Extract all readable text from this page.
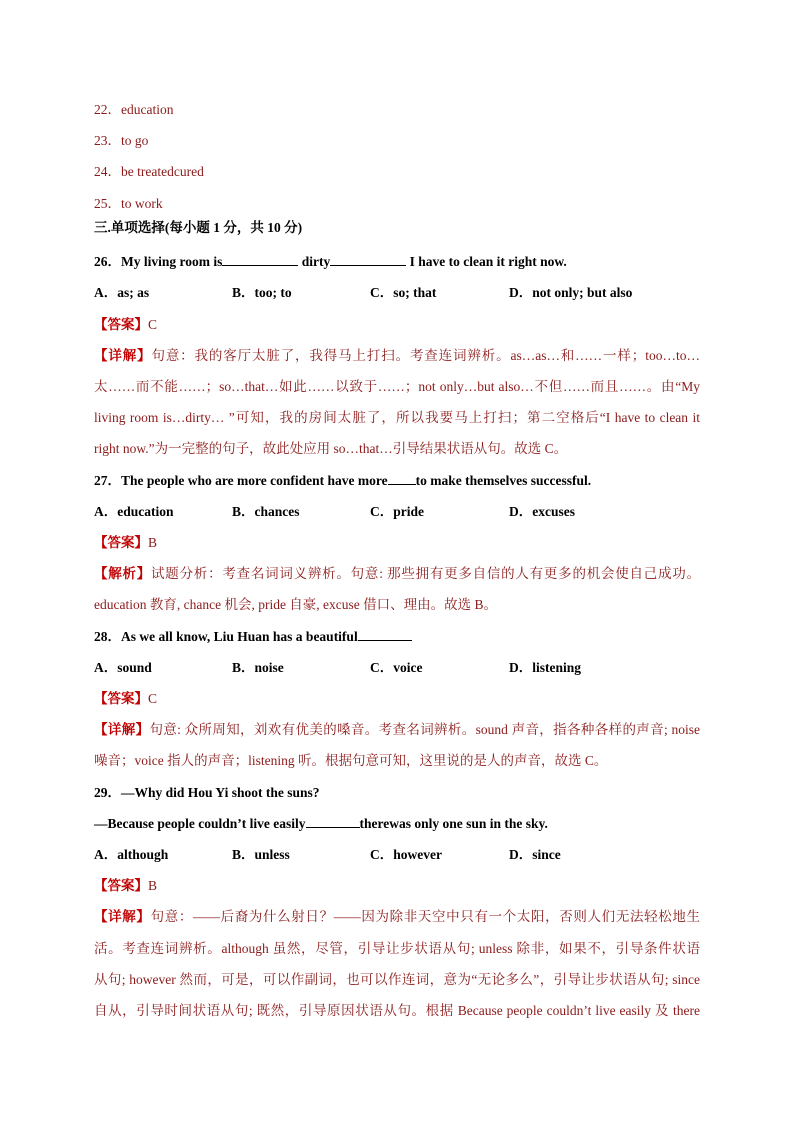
22．education
23．to go
24．be treatedcured
25．to work
三.单项选择(每小题 1 分，共 10 分)
26．My living room is	dirty	I have to clean it right now.
A．as; as	B．too; to	C．so; that	D．not only; but also
【答案】C
【详解】句意：我的客厅太脏了，我得马上打扫。考查连词辨析。as…as…和……一样；too…to…
太……而不能……；so…that…如此……以致于……；not only…but also…不但……而且……。由“My
living room is…dirty… ”可知，我的房间太脏了，所以我要马上打扫；第二空格后“I have to clean it
right now.”为一完整的句子，故此处应用 so…that…引导结果状语从句。故选 C。
27．The people who are more confident have more to make themselves successful.
A．education	B．chances	C．pride	D．excuses
【答案】B
【解析】试题分析：考查名词词义辨析。句意: 那些拥有更多自信的人有更多的机会使自己成功。
education 教育, chance 机会, pride 自豪, excuse 借口、理由。故选 B。
28．As we all know, Liu Huan has a beautiful
A．sound	B．noise	C．voice	D．listening
【答案】C
【详解】句意: 众所周知，刘欢有优美的嗓音。考查名词辨析。sound 声音，指各种各样的声音; noise
噪音；voice 指人的声音；listening 听。根据句意可知，这里说的是人的声音，故选 C。
29．—Why did Hou Yi shoot the suns?
—Because people couldn’t live easily	therewas only one sun in the sky.
A．although	B．unless	C．however	D．since
【答案】B
【详解】句意：——后裔为什么射日？——因为除非天空中只有一个太阳，否则人们无法轻松地生
活。考查连词辨析。although 虽然，尽管，引导让步状语从句; unless 除非，如果不，引导条件状语
从句; however 然而，可是，可以作副词，也可以作连词，意为“无论多么”，引导让步状语从句; since
自从，引导时间状语从句; 既然，引导原因状语从句。根据 Because people couldn’t live easily 及 there
